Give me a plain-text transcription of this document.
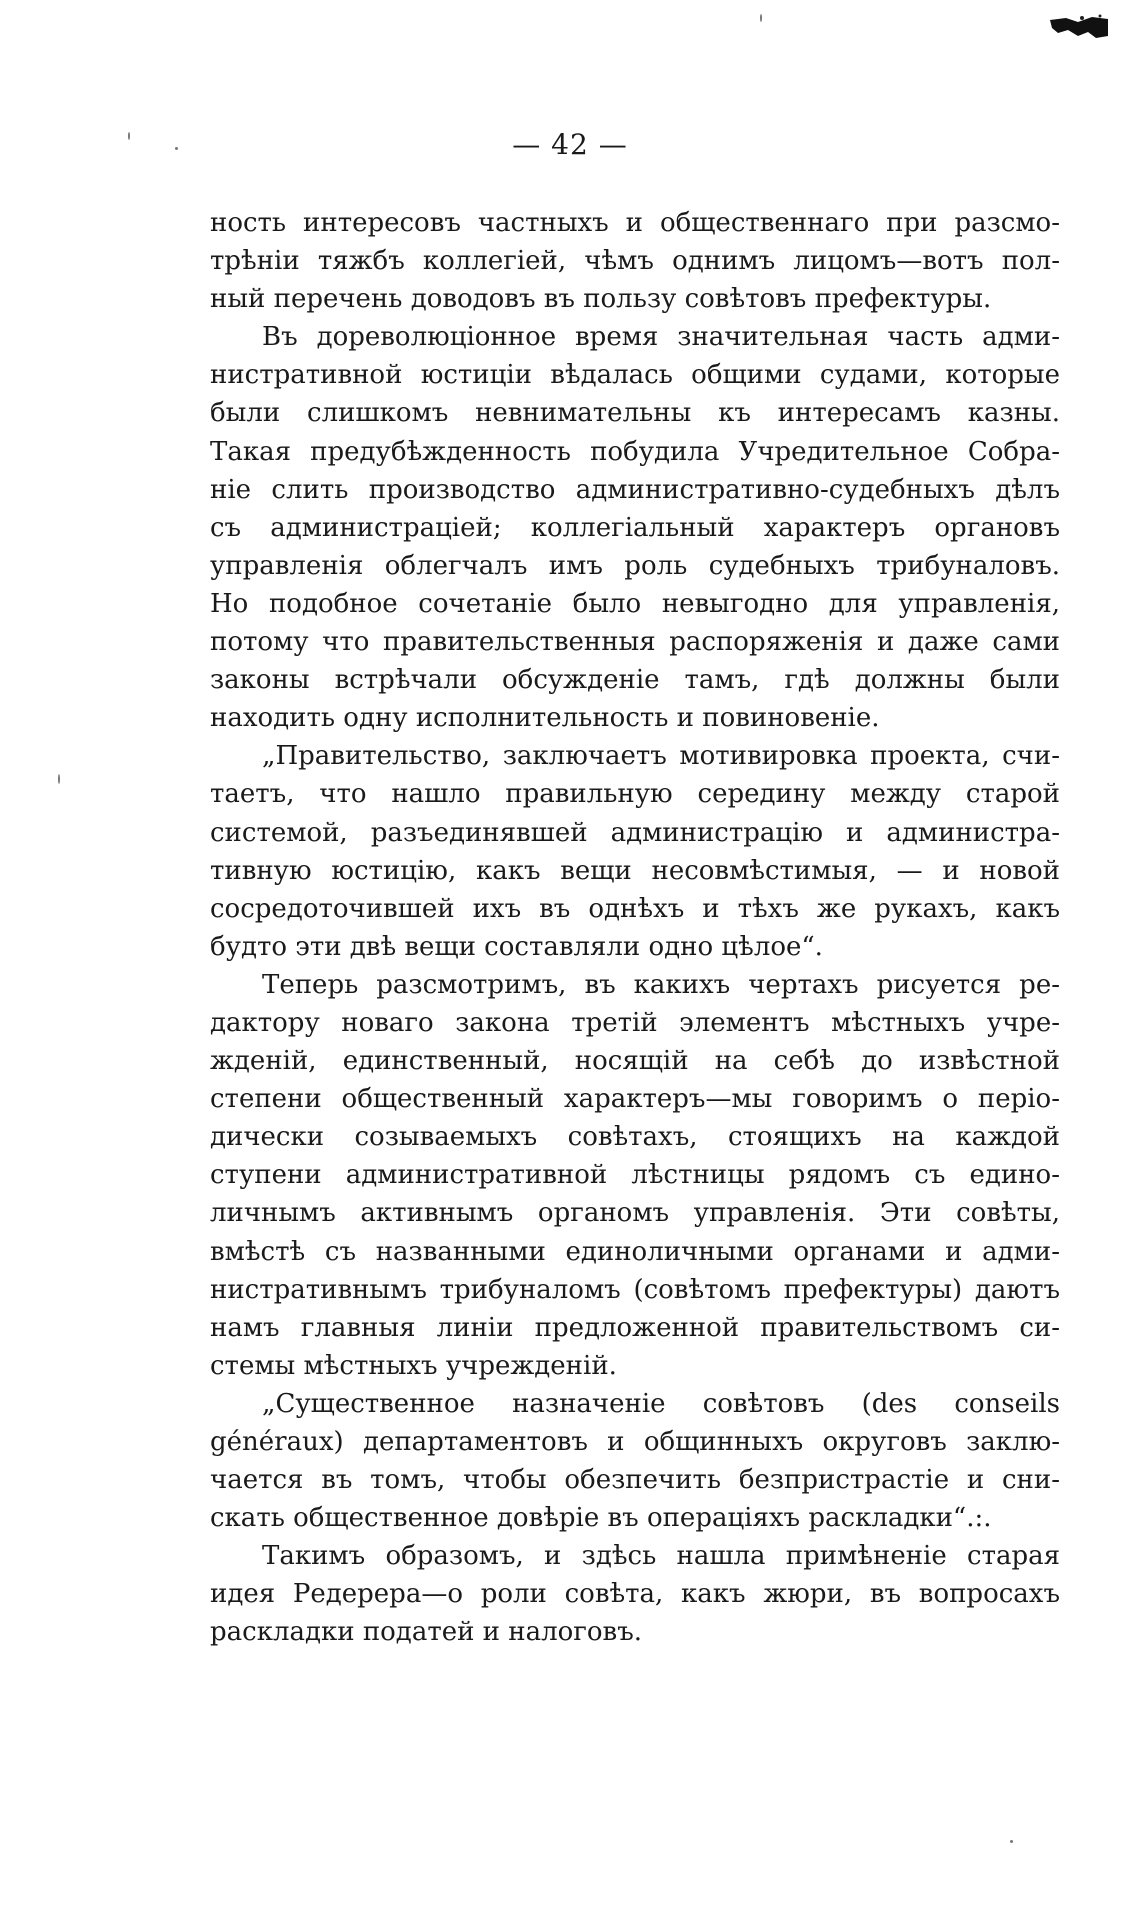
— 42 —
ность интересовъ частныхъ и общественнаго при разсмо-
трѣніи тяжбъ коллегіей, чѣмъ однимъ лицомъ—вотъ пол-
ный перечень доводовъ въ пользу совѣтовъ префектуры.
Въ дореволюціонное время значительная часть адми-
нистративной юстиціи вѣдалась общими судами, которые
были слишкомъ невнимательны къ интересамъ казны.
Такая предубѣжденность побудила Учредительное Собра-
ніе слить производство административно-судебныхъ дѣлъ
съ администраціей; коллегіальный характеръ органовъ
управленія облегчалъ имъ роль судебныхъ трибуналовъ.
Но подобное сочетаніе было невыгодно для управленія,
потому что правительственныя распоряженія и даже сами
законы встрѣчали обсужденіе тамъ, гдѣ должны были
находить одну исполнительность и повиновеніе.
„Правительство, заключаетъ мотивировка проекта, счи-
таетъ, что нашло правильную середину между старой
системой, разъединявшей администрацію и администра-
тивную юстицію, какъ вещи несовмѣстимыя, — и новой
сосредоточившей ихъ въ однѣхъ и тѣхъ же рукахъ, какъ
будто эти двѣ вещи составляли одно цѣлое“.
Теперь разсмотримъ, въ какихъ чертахъ рисуется ре-
дактору новаго закона третій элементъ мѣстныхъ учре-
жденій, единственный, носящій на себѣ до извѣстной
степени общественный характеръ—мы говоримъ о періо-
дически созываемыхъ совѣтахъ, стоящихъ на каждой
ступени административной лѣстницы рядомъ съ едино-
личнымъ активнымъ органомъ управленія. Эти совѣты,
вмѣстѣ съ названными единоличными органами и адми-
нистративнымъ трибуналомъ (совѣтомъ префектуры) даютъ
намъ главныя линіи предложенной правительствомъ си-
стемы мѣстныхъ учрежденій.
„Существенное назначеніе совѣтовъ (des conseils
généraux) департаментовъ и общинныхъ округовъ заклю-
чается въ томъ, чтобы обезпечить безпристрастіе и сни-
скать общественное довѣріе въ операціяхъ раскладки“.:.
Такимъ образомъ, и здѣсь нашла примѣненіе старая
идея Редерера—о роли совѣта, какъ жюри, въ вопросахъ
раскладки податей и налоговъ.
